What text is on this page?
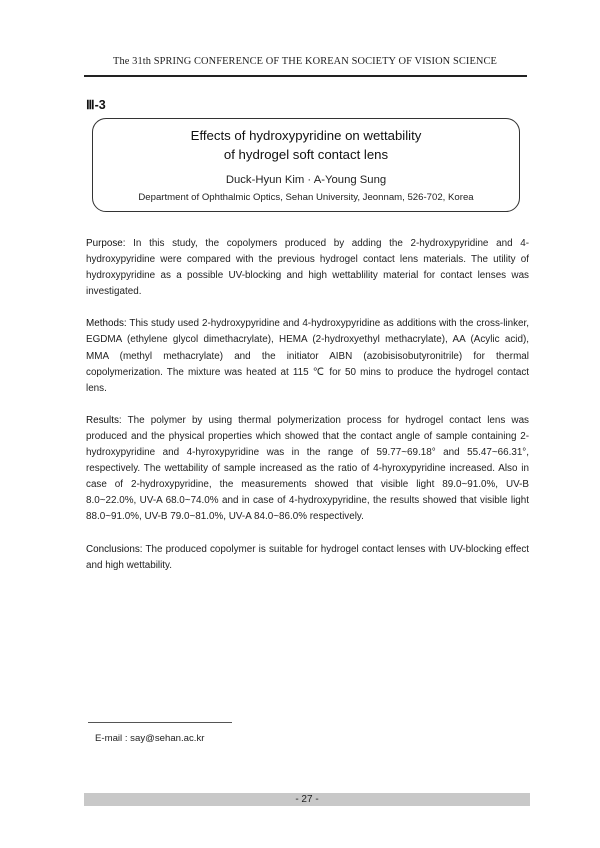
The 31th SPRING CONFERENCE OF THE KOREAN SOCIETY OF VISION SCIENCE
Ⅲ-3
Effects of hydroxypyridine on wettability
of hydrogel soft contact lens
Duck-Hyun Kim · A-Young Sung
Department of Ophthalmic Optics, Sehan University, Jeonnam, 526-702, Korea

Purpose: In this study, the copolymers produced by adding the 2-hydroxypyridine and 4-hydroxypyridine were compared with the previous hydrogel contact lens materials. The utility of hydroxypyridine as a possible UV-blocking and high wettablility material for contact lenses was investigated.

Methods: This study used 2-hydroxypyridine and 4-hydroxypyridine as additions with the cross-linker, EGDMA (ethylene glycol dimethacrylate), HEMA (2-hydroxyethyl methacrylate), AA (Acylic acid), MMA (methyl methacrylate) and the initiator AIBN (azobisisobutyronitrile) for thermal copolymerization. The mixture was heated at 115 ℃ for 50 mins to produce the hydrogel contact lens.

Results: The polymer by using thermal polymerization process for hydrogel contact lens was produced and the physical properties which showed that the contact angle of sample containing 2-hydroxypyridine and 4-hyroxypyridine was in the range of 59.77~69.18° and 55.47~66.31°, respectively. The wettability of sample increased as the ratio of 4-hyroxypyridine increased. Also in case of 2-hydroxypyridine, the measurements showed that visible light 89.0~91.0%, UV-B 8.0~22.0%, UV-A 68.0~74.0% and in case of 4-hydroxypyridine, the results showed that visible light 88.0~91.0%, UV-B 79.0~81.0%, UV-A 84.0~86.0% respectively.

Conclusions: The produced copolymer is suitable for hydrogel contact lenses with UV-blocking effect and high wettability.

E-mail : say@sehan.ac.kr
- 27 -
